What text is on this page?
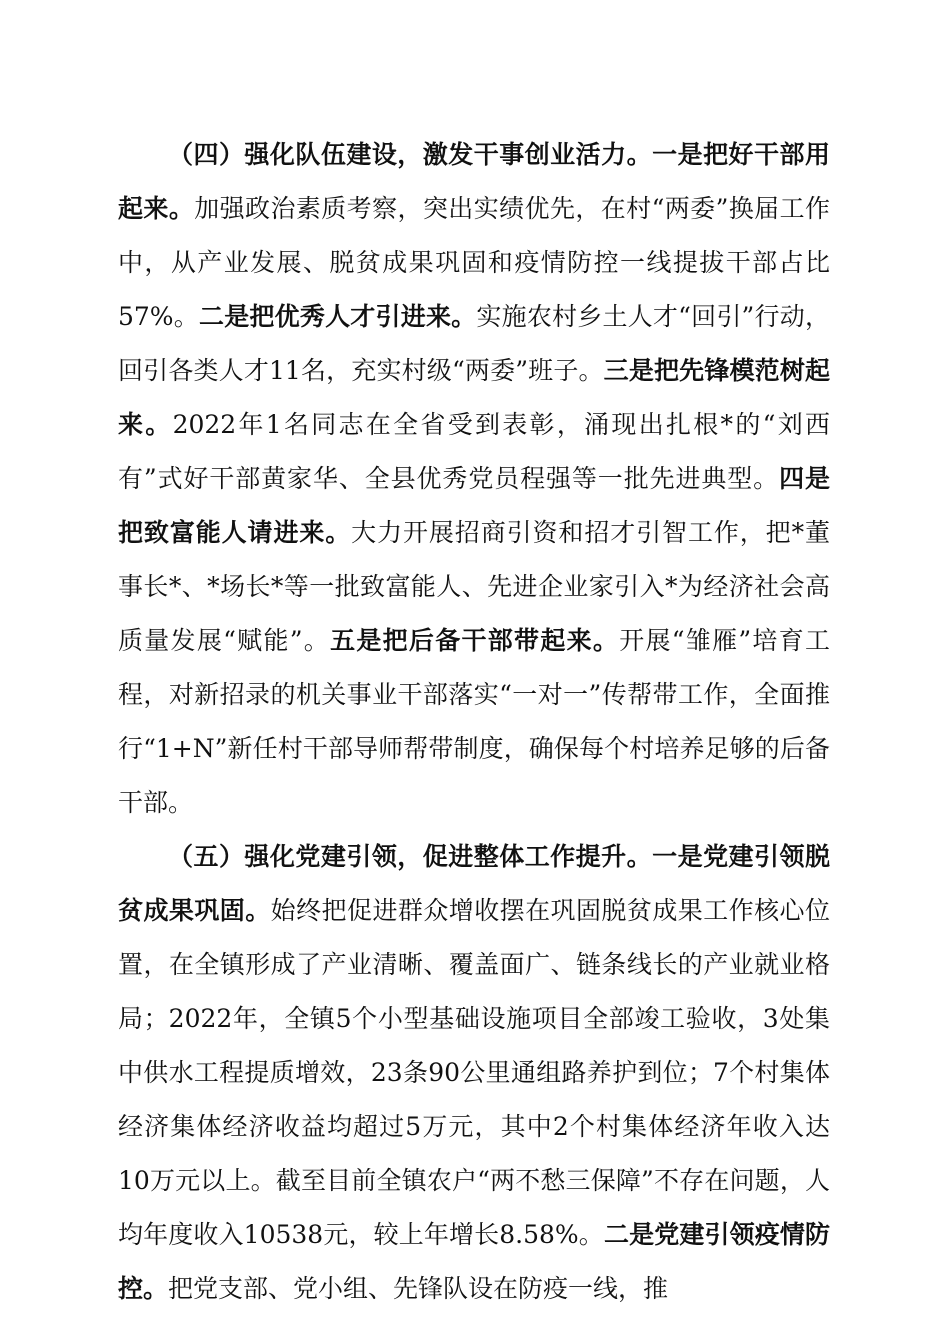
（四）强化队伍建设，激发干事创业活力。一是把好干部用起来。加强政治素质考察，突出实绩优先，在村“两委”换届工作中，从产业发展、脱贫成果巩固和疫情防控一线提拔干部占比57%。二是把优秀人才引进来。实施农村乡土人才“回引”行动，回引各类人才11名，充实村级“两委”班子。三是把先锋模范树起来。2022年1名同志在全省受到表彰，涌现出扎根*的“刘西有”式好干部黄家华、全县优秀党员程强等一批先进典型。四是把致富能人请进来。大力开展招商引资和招才引智工作，把*董事长*、*场长*等一批致富能人、先进企业家引入*为经济社会高质量发展“赋能”。五是把后备干部带起来。开展“雏雁”培育工程，对新招录的机关事业干部落实“一对一”传帮带工作，全面推行“1+N”新任村干部导师帮带制度，确保每个村培养足够的后备干部。

（五）强化党建引领，促进整体工作提升。一是党建引领脱贫成果巩固。始终把促进群众增收摆在巩固脱贫成果工作核心位置，在全镇形成了产业清晰、覆盖面广、链条线长的产业就业格局；2022年，全镇5个小型基础设施项目全部竣工验收，3处集中供水工程提质增效，23条90公里通组路养护到位；7个村集体经济集体经济收益均超过5万元，其中2个村集体经济年收入达10万元以上。截至目前全镇农户“两不愁三保障”不存在问题，人均年度收入10538元，较上年增长8.58%。二是党建引领疫情防控。把党支部、党小组、先锋队设在防疫一线，推
